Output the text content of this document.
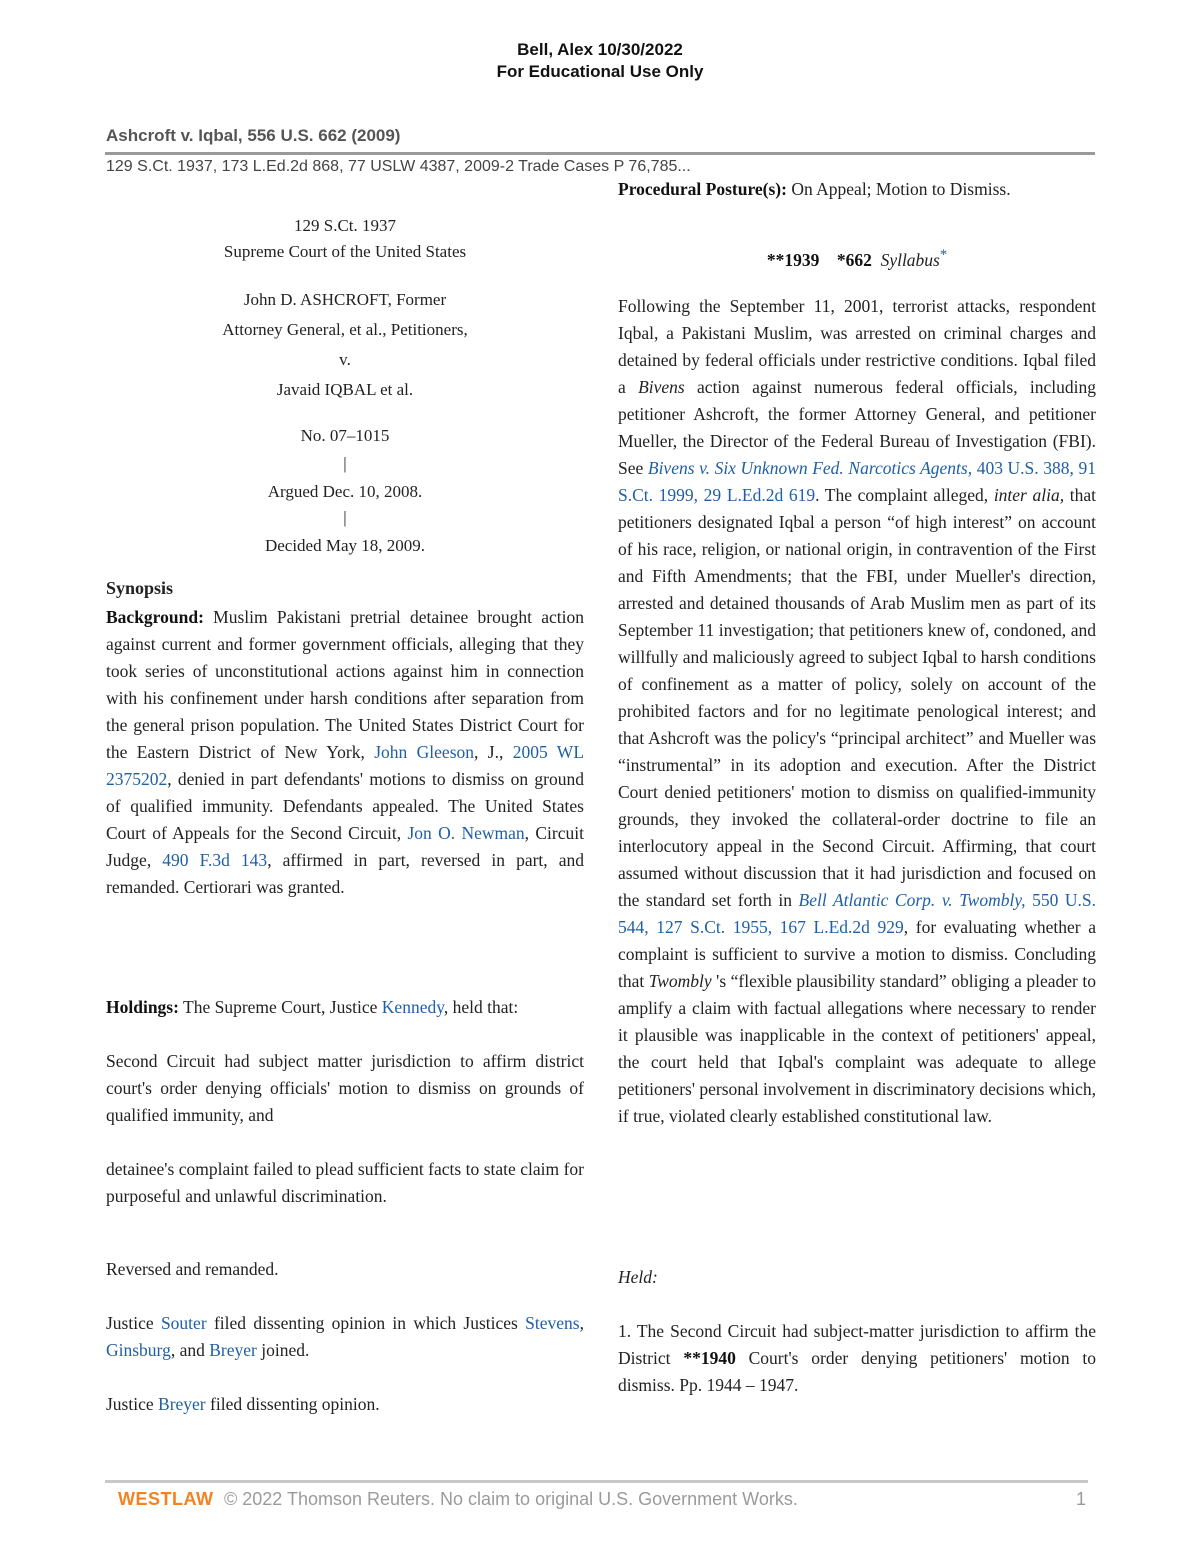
Bell, Alex 10/30/2022
For Educational Use Only
Ashcroft v. Iqbal, 556 U.S. 662 (2009)
129 S.Ct. 1937, 173 L.Ed.2d 868, 77 USLW 4387, 2009-2 Trade Cases P 76,785...
129 S.Ct. 1937
Supreme Court of the United States
John D. ASHCROFT, Former
Attorney General, et al., Petitioners,
v.
Javaid IQBAL et al.
No. 07–1015
|
Argued Dec. 10, 2008.
|
Decided May 18, 2009.
Synopsis

Background: Muslim Pakistani pretrial detainee brought action against current and former government officials, alleging that they took series of unconstitutional actions against him in connection with his confinement under harsh conditions after separation from the general prison population. The United States District Court for the Eastern District of New York, John Gleeson, J., 2005 WL 2375202, denied in part defendants' motions to dismiss on ground of qualified immunity. Defendants appealed. The United States Court of Appeals for the Second Circuit, Jon O. Newman, Circuit Judge, 490 F.3d 143, affirmed in part, reversed in part, and remanded. Certiorari was granted.

Holdings: The Supreme Court, Justice Kennedy, held that:

Second Circuit had subject matter jurisdiction to affirm district court's order denying officials' motion to dismiss on grounds of qualified immunity, and

detainee's complaint failed to plead sufficient facts to state claim for purposeful and unlawful discrimination.

Reversed and remanded.

Justice Souter filed dissenting opinion in which Justices Stevens, Ginsburg, and Breyer joined.

Justice Breyer filed dissenting opinion.

Procedural Posture(s): On Appeal; Motion to Dismiss.

**1939 *662 Syllabus*

Following the September 11, 2001, terrorist attacks, respondent Iqbal, a Pakistani Muslim, was arrested on criminal charges and detained by federal officials under restrictive conditions. Iqbal filed a Bivens action against numerous federal officials, including petitioner Ashcroft, the former Attorney General, and petitioner Mueller, the Director of the Federal Bureau of Investigation (FBI). See Bivens v. Six Unknown Fed. Narcotics Agents, 403 U.S. 388, 91 S.Ct. 1999, 29 L.Ed.2d 619. The complaint alleged, inter alia, that petitioners designated Iqbal a person “of high interest” on account of his race, religion, or national origin, in contravention of the First and Fifth Amendments; that the FBI, under Mueller's direction, arrested and detained thousands of Arab Muslim men as part of its September 11 investigation; that petitioners knew of, condoned, and willfully and maliciously agreed to subject Iqbal to harsh conditions of confinement as a matter of policy, solely on account of the prohibited factors and for no legitimate penological interest; and that Ashcroft was the policy's “principal architect” and Mueller was “instrumental” in its adoption and execution. After the District Court denied petitioners' motion to dismiss on qualified-immunity grounds, they invoked the collateral-order doctrine to file an interlocutory appeal in the Second Circuit. Affirming, that court assumed without discussion that it had jurisdiction and focused on the standard set forth in Bell Atlantic Corp. v. Twombly, 550 U.S. 544, 127 S.Ct. 1955, 167 L.Ed.2d 929, for evaluating whether a complaint is sufficient to survive a motion to dismiss. Concluding that Twombly 's “flexible plausibility standard” obliging a pleader to amplify a claim with factual allegations where necessary to render it plausible was inapplicable in the context of petitioners' appeal, the court held that Iqbal's complaint was adequate to allege petitioners' personal involvement in discriminatory decisions which, if true, violated clearly established constitutional law.

Held:

1. The Second Circuit had subject-matter jurisdiction to affirm the District **1940 Court's order denying petitioners' motion to dismiss. Pp. 1944 – 1947.

WESTLAW © 2022 Thomson Reuters. No claim to original U.S. Government Works.	1
